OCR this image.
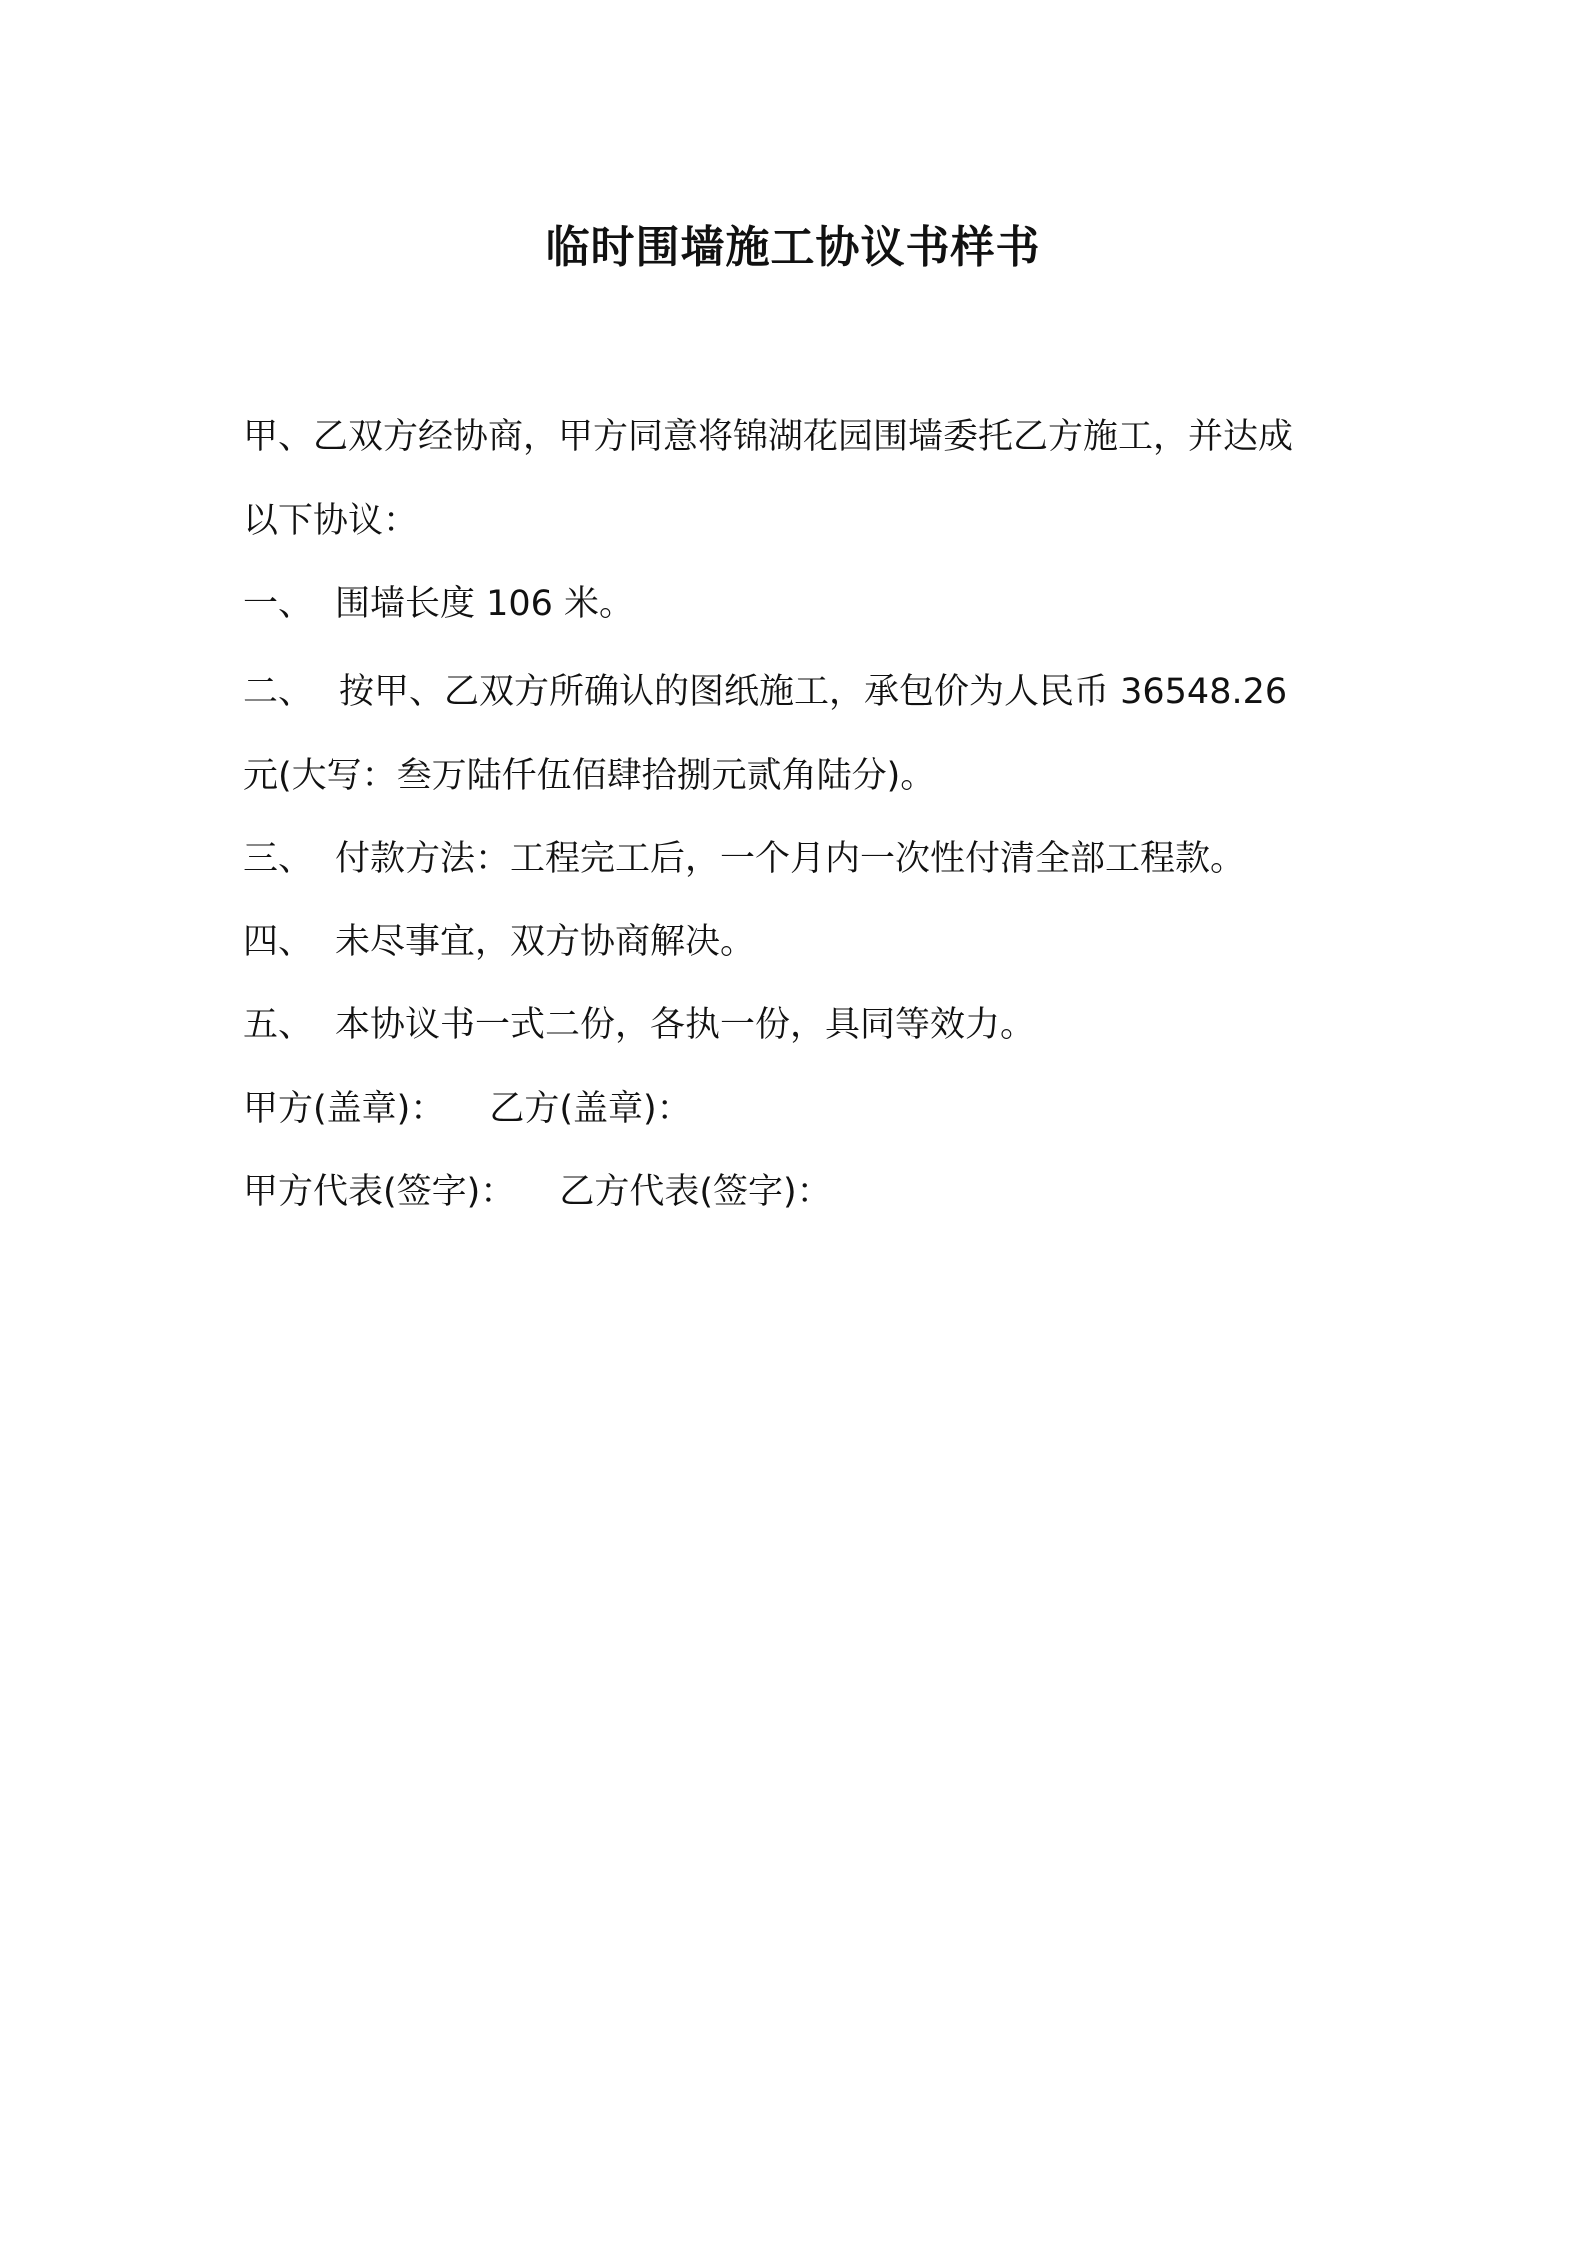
临时围墙施工协议书样书
甲、乙双方经协商，甲方同意将锦湖花园围墙委托乙方施工，并达成
以下协议：
一、 围墙长度 106 米。
二、 按甲、乙双方所确认的图纸施工，承包价为人民币 36548.26
元(大写：叁万陆仟伍佰肆拾捌元贰角陆分)。
三、 付款方法：工程完工后，一个月内一次性付清全部工程款。
四、 未尽事宜，双方协商解决。
五、 本协议书一式二份，各执一份，具同等效力。
甲方(盖章)： 乙方(盖章)：
甲方代表(签字)： 乙方代表(签字)：
